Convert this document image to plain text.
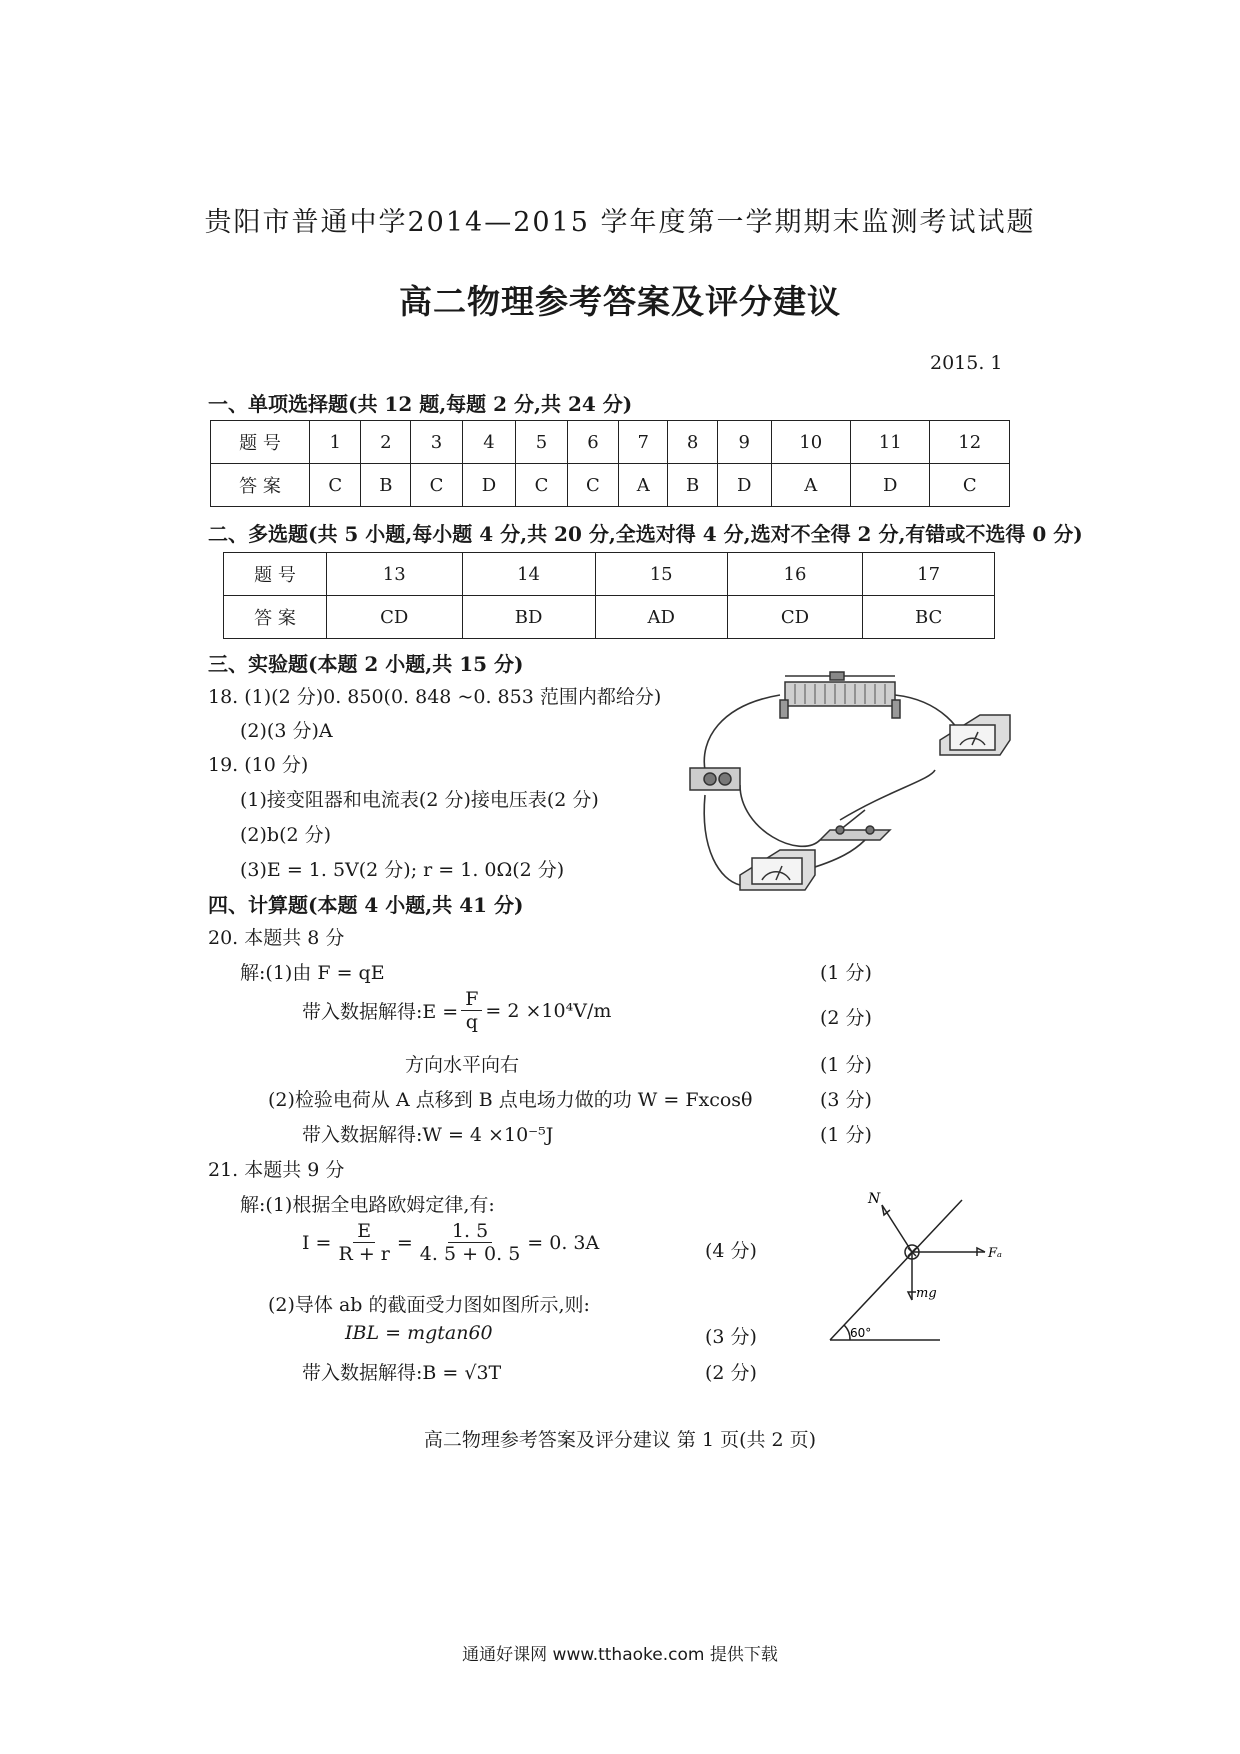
贵阳市普通中学2014—2015 学年度第一学期期末监测考试试题
高二物理参考答案及评分建议
2015. 1
一、单项选择题(共 12 题,每题 2 分,共 24 分)
题 号	1	2	3	4	5	6	7	8	9	10	11	12
答 案	C	B	C	D	C	C	A	B	D	A	D	C
二、多选题(共 5 小题,每小题 4 分,共 20 分,全选对得 4 分,选对不全得 2 分,有错或不选得 0 分)
题 号	13	14	15	16	17
答 案	CD	BD	AD	CD	BC
三、实验题(本题 2 小题,共 15 分)
18. (1)(2 分)0. 850(0. 848 ~0. 853 范围内都给分)
(2)(3 分)A
19. (10 分)
(1)接变阻器和电流表(2 分)接电压表(2 分)
(2)b(2 分)
(3)E = 1. 5V(2 分); r = 1. 0Ω(2 分)
四、计算题(本题 4 小题,共 41 分)
20. 本题共 8 分
解:(1)由 F = qE	(1 分)
带入数据解得:E = $\frac{F}{q} = 2 \times 10^4V/m$	(2 分)
方向水平向右	(1 分)
(2)检验电荷从 A 点移到 B 点电场力做的功 W = Fxcosθ	(3 分)
带入数据解得:W = 4 ×10⁻⁵J	(1 分)
21. 本题共 9 分
解:(1)根据全电路欧姆定律,有:
$I = \frac{E}{R + r} = \frac{1. 5}{4. 5 + 0. 5} = 0$. 3A	(4 分)
(2)导体 ab 的截面受力图如图所示,则:
IBL = mgtan60	(3 分)
带入数据解得:B = √3T	(2 分)
N
Fₐ
mg
60°
高二物理参考答案及评分建议 第 1 页(共 2 页)
通通好课网 www.tthaoke.com 提供下载
